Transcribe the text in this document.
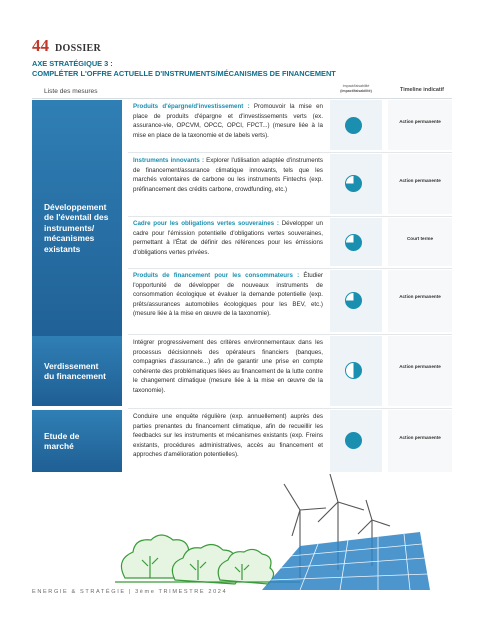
44 DOSSIER
AXE STRATÉGIQUE 3 :
COMPLÉTER L'OFFRE ACTUELLE D'INSTRUMENTS/MÉCANISMES DE FINANCEMENT
Liste des mesures
Impact/faisabilité
(impact/faisabilité)	Timeline indicatif
Développement de l'éventail des instruments/ mécanismes existants
Verdissement du financement
Etude de marché
Produits d'épargne/d'investissement : Promouvoir la mise en place de produits d'épargne et d'investissements verts (ex. assurance-vie, OPCVM, OPCC, OPCI, FPCT...) (mesure liée à la mise en place de la taxonomie et de labels verts).
Action permanente
Instruments innovants : Explorer l'utilisation adaptée d'instruments de financement/assurance climatique innovants, tels que les marchés volontaires de carbone ou les instruments Fintechs (exp. préfinancement des crédits carbone, crowdfunding, etc.)
Action permanente
Cadre pour les obligations vertes souveraines : Développer un cadre pour l'émission potentielle d'obligations vertes souveraines, permettant à l'État de définir des références pour les émissions d'obligations vertes privées.
Court terme
Produits de financement pour les consommateurs : Étudier l'opportunité de développer de nouveaux instruments de consommation écologique et évaluer la demande potentielle (exp. prêts/assurances automobiles écologiques pour les BEV, etc.) (mesure liée à la mise en œuvre de la taxonomie).
Action permanente
Intégrer progressivement des critères environnementaux dans les processus décisionnels des opérateurs financiers (banques, compagnies d'assurance...) afin de garantir une prise en compte cohérente des problématiques liées au financement de la lutte contre le changement climatique (mesure liée à la mise en œuvre de la taxonomie).
Action permanente
Conduire une enquête régulière (exp. annuellement) auprès des parties prenantes du financement climatique, afin de recueillir les feedbacks sur les instruments et mécanismes existants (exp. Freins existants, procédures administratives, accès au financement et approches d'amélioration potentielles).
Action permanente
ENERGIE & STRATÉGIE | 3ème TRIMESTRE 2024
